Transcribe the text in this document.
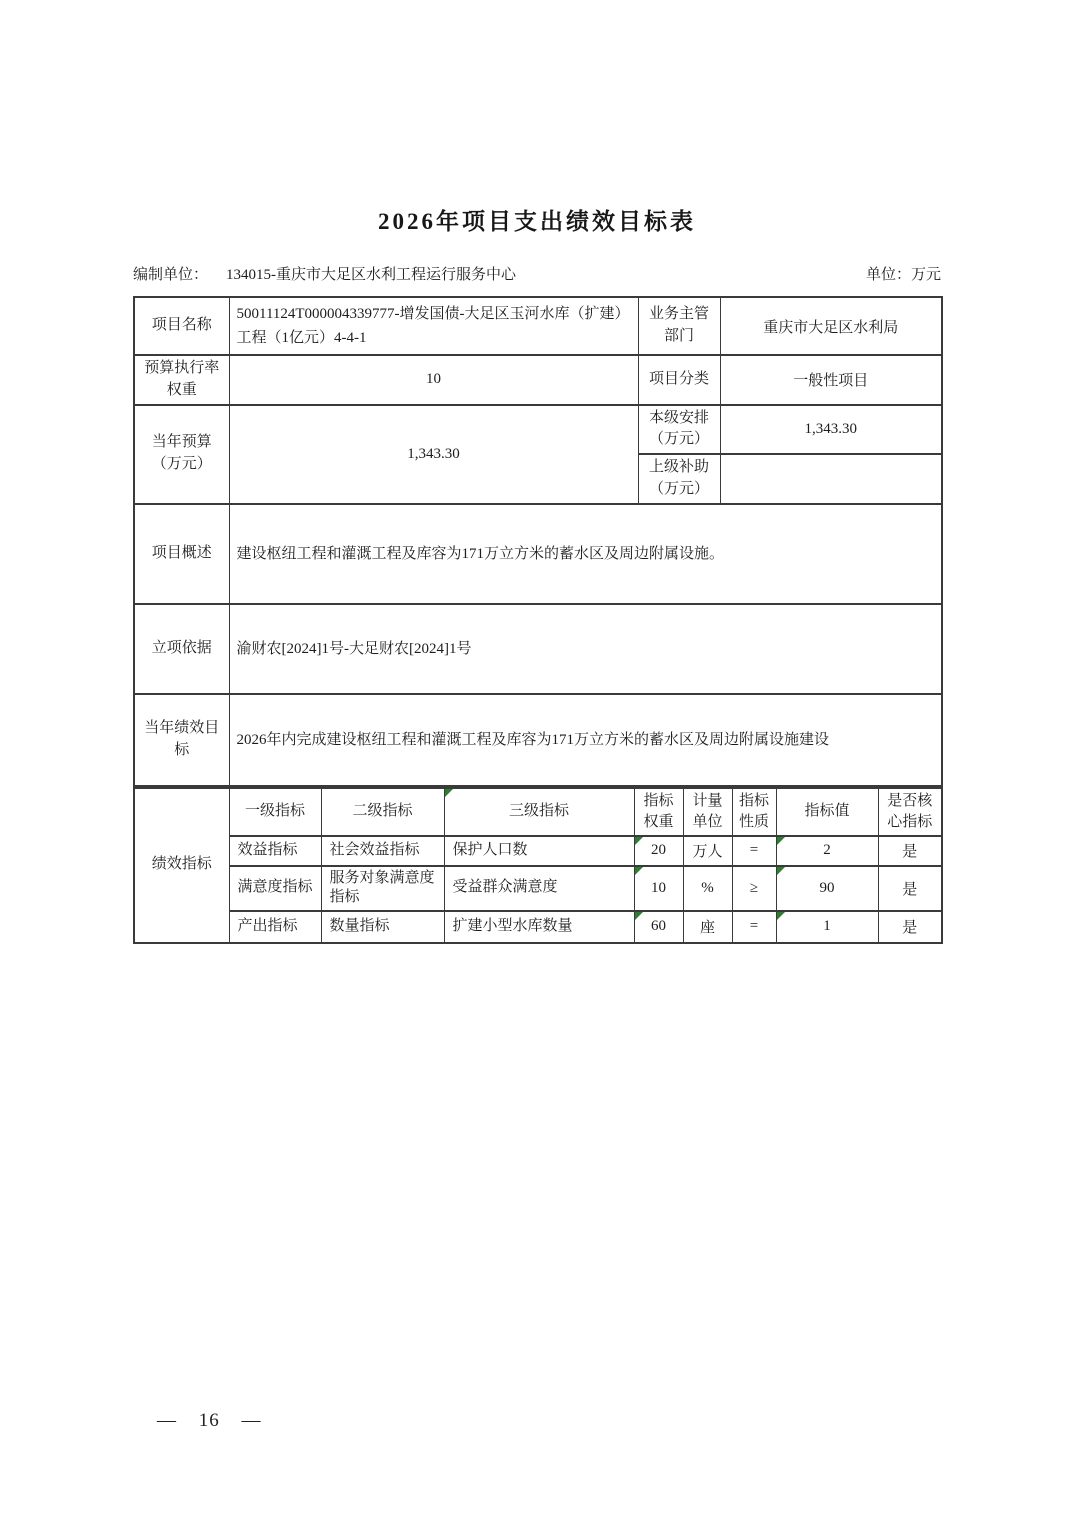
2026年项目支出绩效目标表
编制单位： 134015-重庆市大足区水利工程运行服务中心	单位：万元
项目名称	50011124T000004339777-增发国债-大足区玉河水库（扩建）工程（1亿元）4-4-1	业务主管部门	重庆市大足区水利局
预算执行率权重	10	项目分类	一般性项目
当年预算（万元）	1,343.30	本级安排（万元）	1,343.30
		上级补助（万元）	
项目概述	建设枢纽工程和灌溉工程及库容为171万立方米的蓄水区及周边附属设施。		
立项依据	渝财农[2024]1号-大足财农[2024]1号		
当年绩效目标	2026年内完成建设枢纽工程和灌溉工程及库容为171万立方米的蓄水区及周边附属设施建设		
绩效指标	一级指标	二级指标	三级指标	指标权重	计量单位	指标性质	指标值	是否核心指标
	效益指标	社会效益指标	保护人口数	20	万人	=	2	是
	满意度指标	服务对象满意度指标	受益群众满意度	10	%	≥	90	是
	产出指标	数量指标	扩建小型水库数量	60	座	=	1	是
— 16 —
